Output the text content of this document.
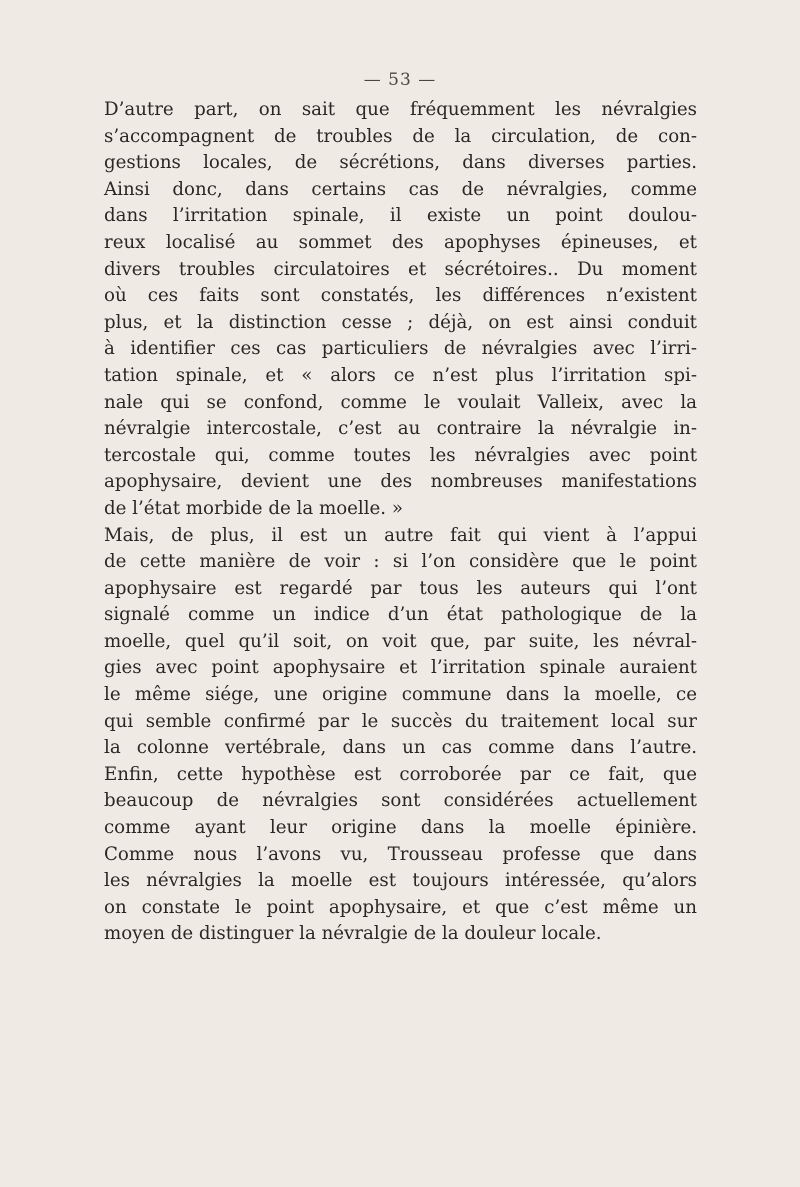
— 53 —
D’autre part, on sait que fréquemment les névralgies
s’accompagnent de troubles de la circulation, de con-
gestions locales, de sécrétions, dans diverses parties.
Ainsi donc, dans certains cas de névralgies, comme
dans l’irritation spinale, il existe un point doulou-
reux localisé au sommet des apophyses épineuses, et
divers troubles circulatoires et sécrétoires.. Du moment
où ces faits sont constatés, les différences n’existent
plus, et la distinction cesse ; déjà, on est ainsi conduit
à identifier ces cas particuliers de névralgies avec l’irri-
tation spinale, et « alors ce n’est plus l’irritation spi-
nale qui se confond, comme le voulait Valleix, avec la
névralgie intercostale, c’est au contraire la névralgie in-
tercostale qui, comme toutes les névralgies avec point
apophysaire, devient une des nombreuses manifestations
de l’état morbide de la moelle. »
Mais, de plus, il est un autre fait qui vient à l’appui
de cette manière de voir : si l’on considère que le point
apophysaire est regardé par tous les auteurs qui l’ont
signalé comme un indice d’un état pathologique de la
moelle, quel qu’il soit, on voit que, par suite, les névral-
gies avec point apophysaire et l’irritation spinale auraient
le même siége, une origine commune dans la moelle, ce
qui semble confirmé par le succès du traitement local sur
la colonne vertébrale, dans un cas comme dans l’autre.
Enfin, cette hypothèse est corroborée par ce fait, que
beaucoup de névralgies sont considérées actuellement
comme ayant leur origine dans la moelle épinière.
Comme nous l’avons vu, Trousseau professe que dans
les névralgies la moelle est toujours intéressée, qu’alors
on constate le point apophysaire, et que c’est même un
moyen de distinguer la névralgie de la douleur locale.
